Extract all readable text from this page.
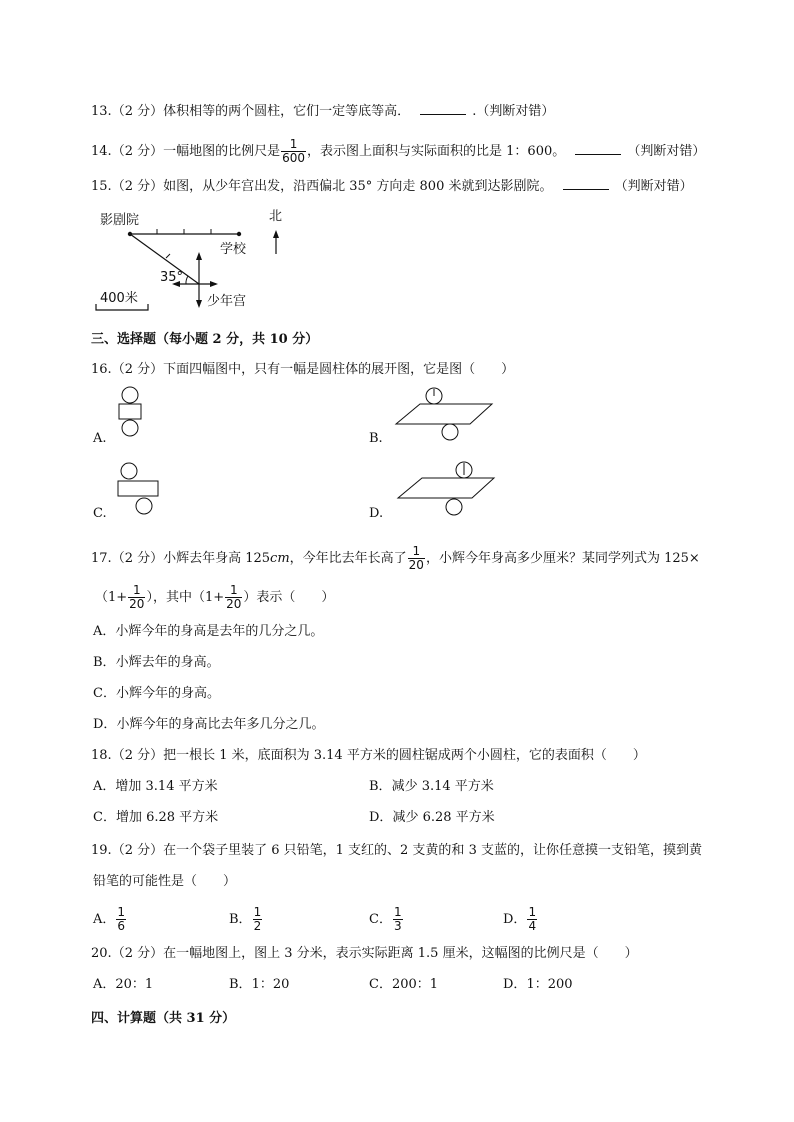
13.（2 分）体积相等的两个圆柱，它们一定等底等高．	.（判断对错）
14.（2 分）一幅地图的比例尺是 $\frac{1}{600}$ ，表示图上面积与实际面积的比是 1：600。	（判断对错）
15.（2 分）如图，从少年宫出发，沿西偏北 35° 方向走 800 米就到达影剧院。	（判断对错）
影剧院
学校
北
35°
少年宫
400米
三、选择题（每小题 2 分，共 10 分）
16.（2 分）下面四幅图中，只有一幅是圆柱体的展开图，它是图（　　）
A.	B.
C.	D.
17.（2 分）小辉去年身高 125cm，今年比去年长高了 $\frac{1}{20}$ ，小辉今年身高多少厘米？某同学列式为 125×
（$1+ \frac{1}{20}$ ），其中（$1+ \frac{1}{20}$ ）表示（　　）
A．小辉今年的身高是去年的几分之几。
B．小辉去年的身高。
C．小辉今年的身高。
D．小辉今年的身高比去年多几分之几。
18.（2 分）把一根长 1 米，底面积为 3.14 平方米的圆柱锯成两个小圆柱，它的表面积（　　）
A．增加 3.14 平方米	B．减少 3.14 平方米
C．增加 6.28 平方米	D．减少 6.28 平方米
19.（2 分）在一个袋子里装了 6 只铅笔，1 支红的、2 支黄的和 3 支蓝的，让你任意摸一支铅笔，摸到黄
铅笔的可能性是（　　）
A． $\frac{1}{6}$	B． $\frac{1}{2}$	C． $\frac{1}{3}$	D． $\frac{1}{4}$
20.（2 分）在一幅地图上，图上 3 分米，表示实际距离 1.5 厘米，这幅图的比例尺是（　　）
A．20：1	B．1：20	C．200：1	D．1：200
四、计算题（共 31 分）
